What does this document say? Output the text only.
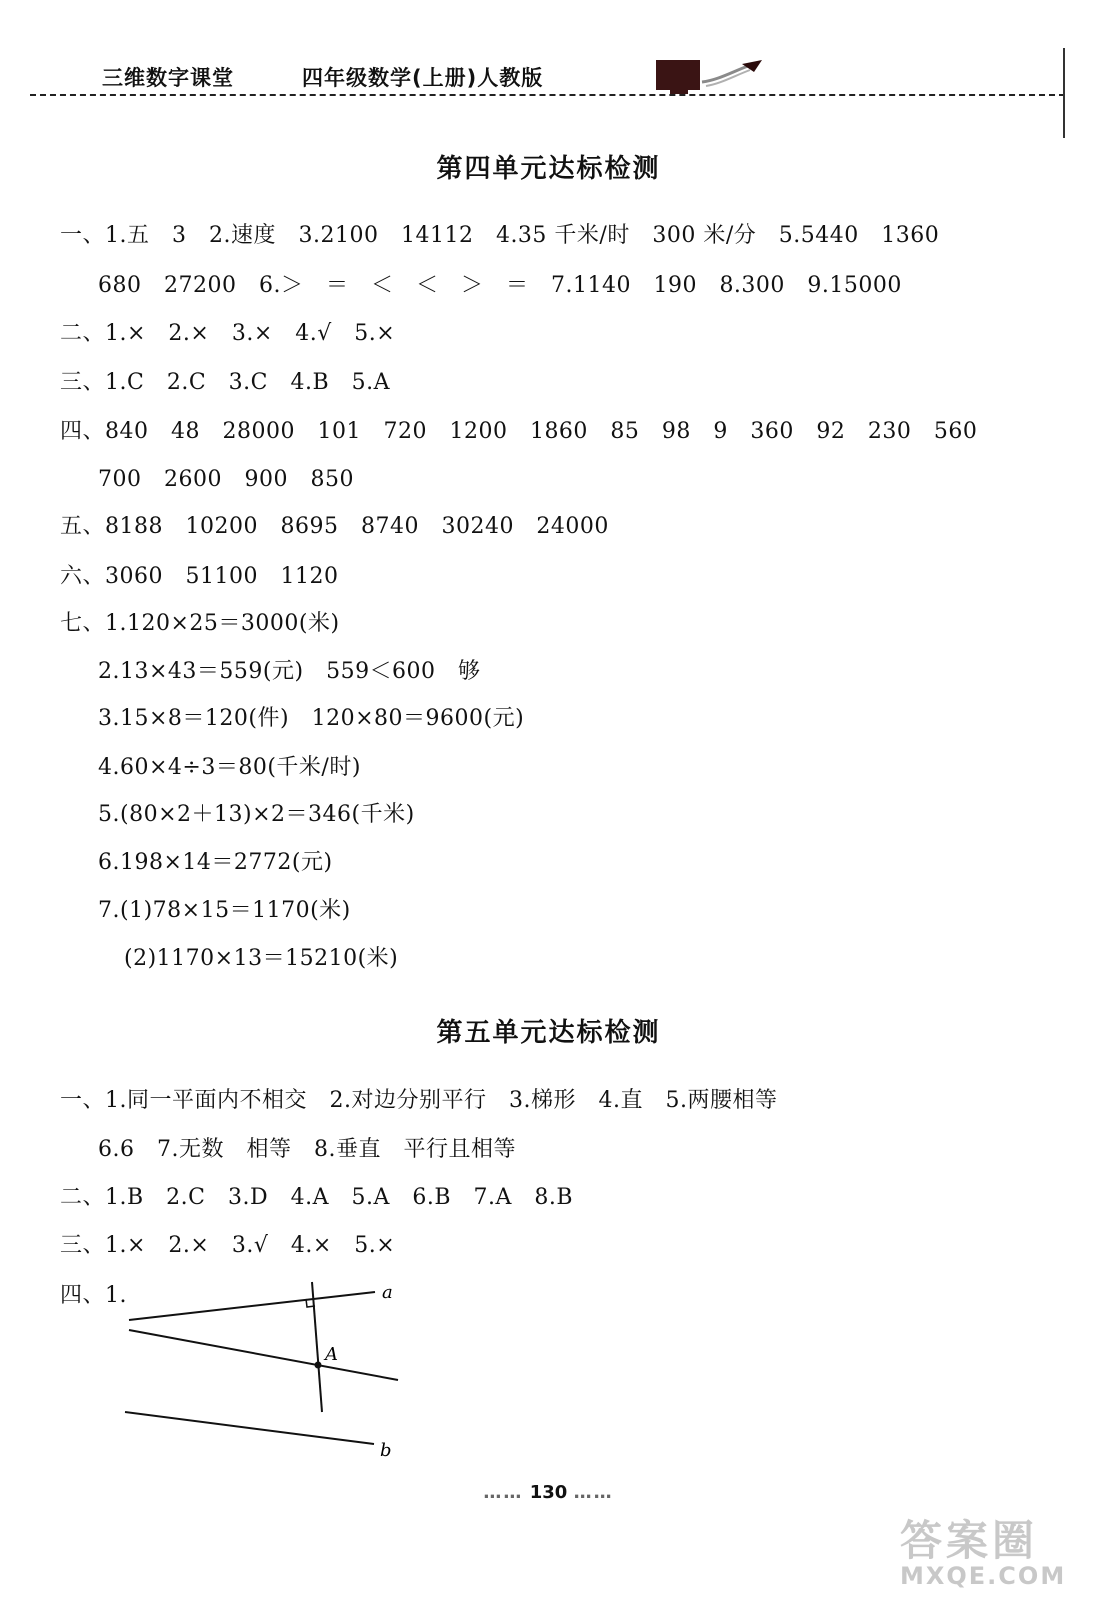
三维数字课堂	四年级数学(上册)人教版
第四单元达标检测
一、1.五　3　2.速度　3.2100　14112　4.35 千米/时　300 米/分　5.5440　1360
680　27200　6.＞　＝　＜　＜　＞　＝　7.1140　190　8.300　9.15000
二、1.×　2.×　3.×　4.√　5.×
三、1.C　2.C　3.C　4.B　5.A
四、840　48　28000　101　720　1200　1860　85　98　9　360　92　230　560
700　2600　900　850
五、8188　10200　8695　8740　30240　24000
六、3060　51100　1120
七、1.120×25＝3000(米)
2.13×43＝559(元)　559＜600　够
3.15×8＝120(件)　120×80＝9600(元)
4.60×4÷3＝80(千米/时)
5.(80×2＋13)×2＝346(千米)
6.198×14＝2772(元)
7.(1)78×15＝1170(米)
(2)1170×13＝15210(米)
第五单元达标检测
一、1.同一平面内不相交　2.对边分别平行　3.梯形　4.直　5.两腰相等
6.6　7.无数　相等　8.垂直　平行且相等
二、1.B　2.C　3.D　4.A　5.A　6.B　7.A　8.B
三、1.×　2.×　3.√　4.×　5.×
四、1.	a
A
b
…… 130 ……
答案圈
MXQE.COM
